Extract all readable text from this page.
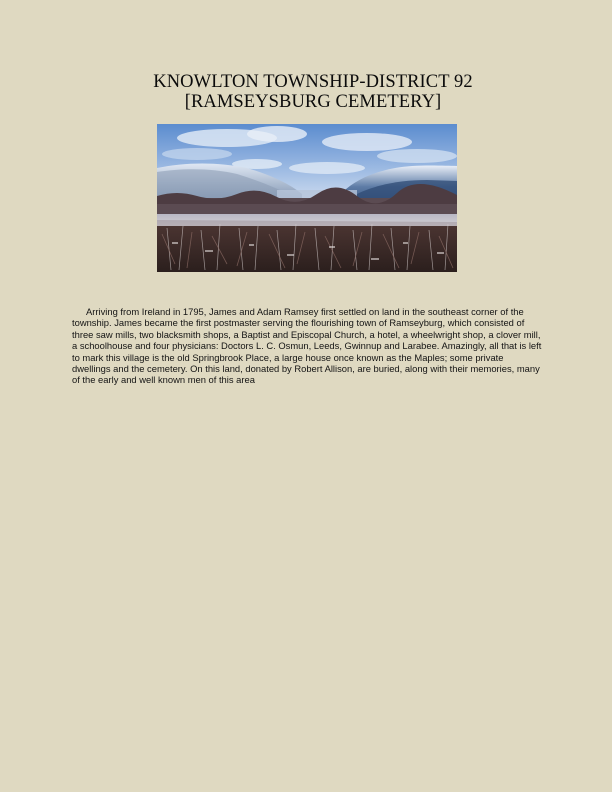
KNOWLTON TOWNSHIP-DISTRICT 92
[RAMSEYSBURG CEMETERY]

Arriving from Ireland in 1795, James and Adam Ramsey first settled on land in the southeast corner of the township. James became the first postmaster serving the flourishing town of Ramseyburg, which consisted of three saw mills, two blacksmith shops, a Baptist and Episcopal Church, a hotel, a wheelwright shop, a clover mill, a schoolhouse and four physicians: Doctors L. C. Osmun, Leeds, Gwinnup and Larabee. Amazingly, all that is left to mark this village is the old Springbrook Place, a large house once known as the Maples; some private dwellings and the cemetery. On this land, donated by Robert Allison, are buried, along with their memories, many of the early and well known men of this area
